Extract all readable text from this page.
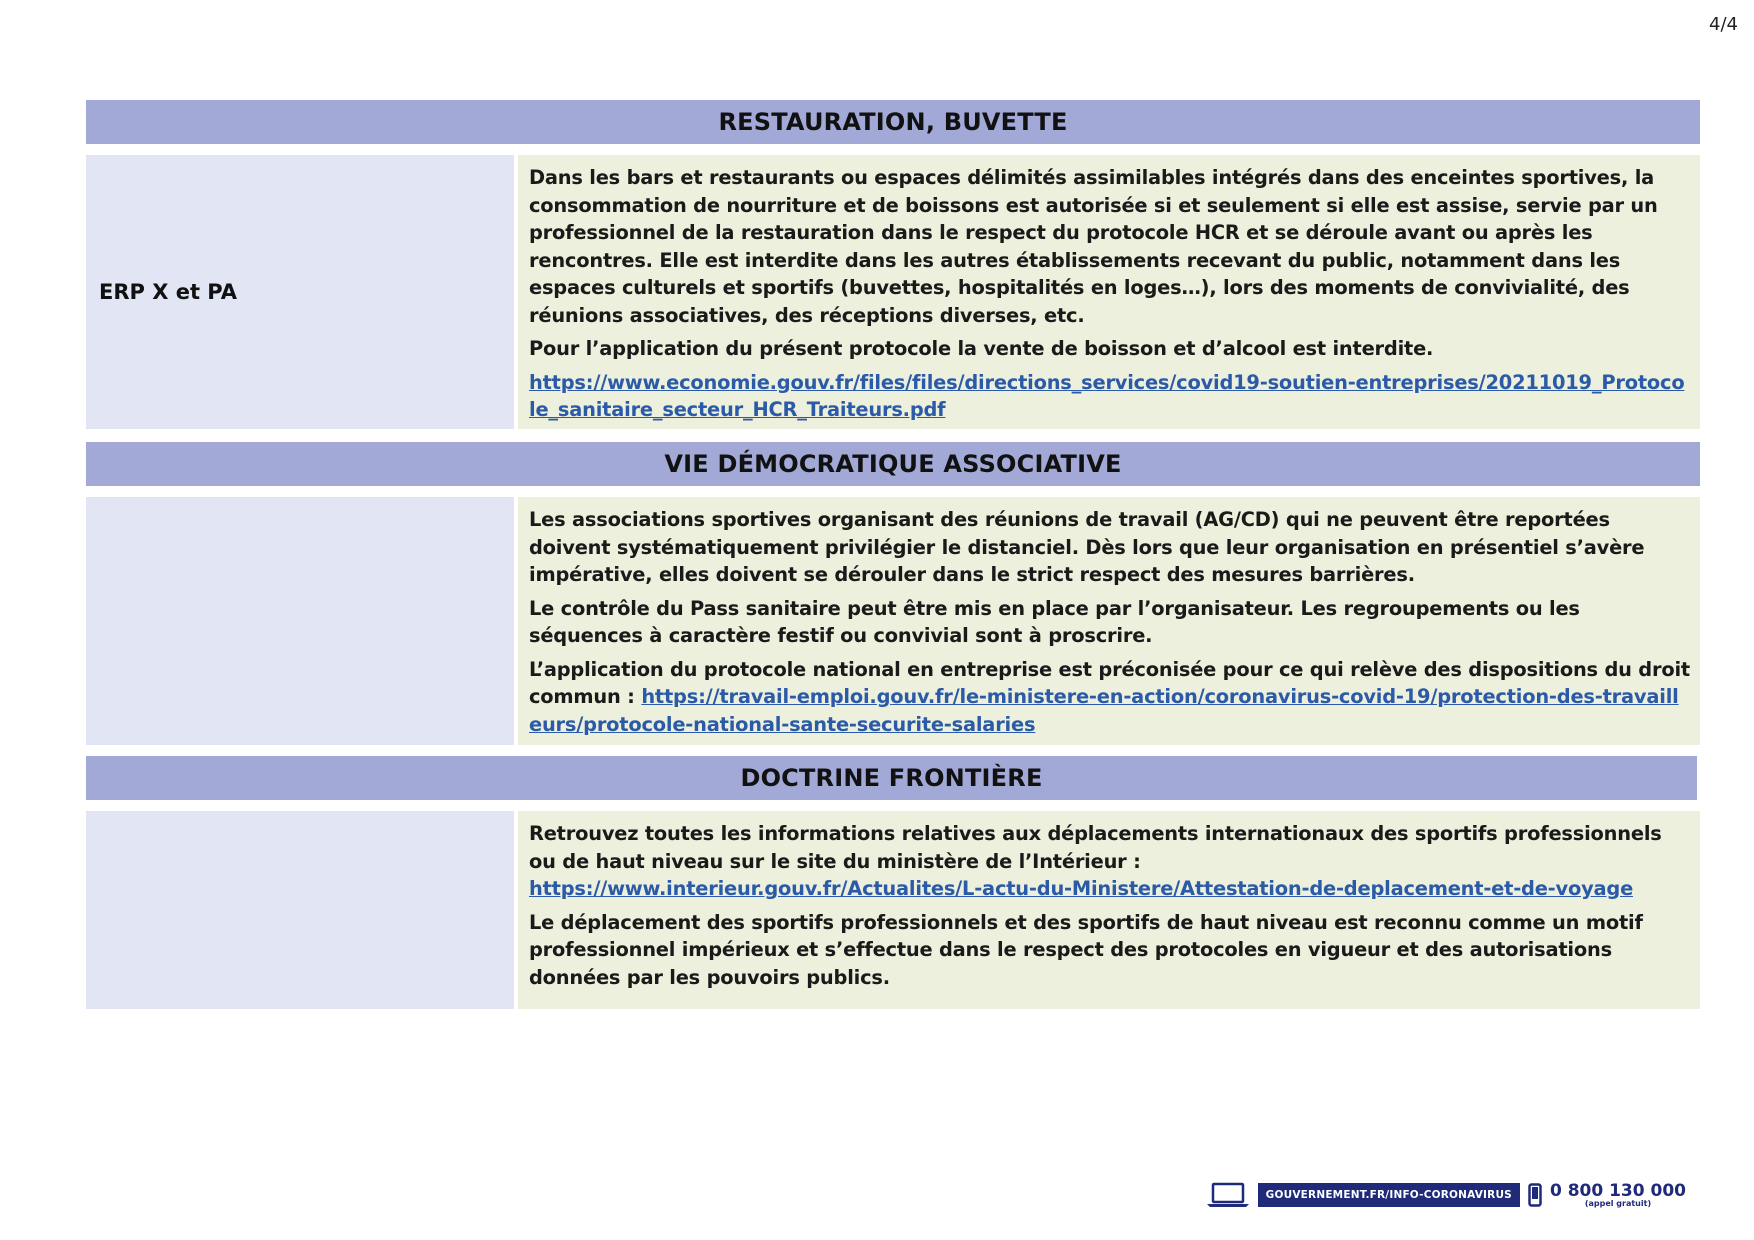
4/4
RESTAURATION, BUVETTE
ERP X et PA

Dans les bars et restaurants ou espaces délimités assimilables intégrés dans des enceintes sportives, la consommation de nourriture et de boissons est autorisée si et seulement si elle est assise, servie par un professionnel de la restauration dans le respect du protocole HCR et se déroule avant ou après les rencontres. Elle est interdite dans les autres établissements recevant du public, notamment dans les espaces culturels et sportifs (buvettes, hospitalités en loges…), lors des moments de convivialité, des réunions associatives, des réceptions diverses, etc.

Pour l’application du présent protocole la vente de boisson et d’alcool est interdite.

https://www.economie.gouv.fr/files/files/directions_services/covid19-soutien-entreprises/20211019_Protocole_sanitaire_secteur_HCR_Traiteurs.pdf

VIE DÉMOCRATIQUE ASSOCIATIVE

Les associations sportives organisant des réunions de travail (AG/CD) qui ne peuvent être reportées doivent systématiquement privilégier le distanciel. Dès lors que leur organisation en présentiel s’avère impérative, elles doivent se dérouler dans le strict respect des mesures barrières.

Le contrôle du Pass sanitaire peut être mis en place par l’organisateur. Les regroupements ou les séquences à caractère festif ou convivial sont à proscrire.

L’application du protocole national en entreprise est préconisée pour ce qui relève des dispositions du droit commun : https://travail-emploi.gouv.fr/le-ministere-en-action/coronavirus-covid-19/protection-des-travailleurs/protocole-national-sante-securite-salaries

DOCTRINE FRONTIÈRE

Retrouvez toutes les informations relatives aux déplacements internationaux des sportifs professionnels ou de haut niveau sur le site du ministère de l’Intérieur :
https://www.interieur.gouv.fr/Actualites/L-actu-du-Ministere/Attestation-de-deplacement-et-de-voyage

Le déplacement des sportifs professionnels et des sportifs de haut niveau est reconnu comme un motif professionnel impérieux et s’effectue dans le respect des protocoles en vigueur et des autorisations données par les pouvoirs publics.

GOUVERNEMENT.FR/INFO-CORONAVIRUS	0 800 130 000
(appel gratuit)
